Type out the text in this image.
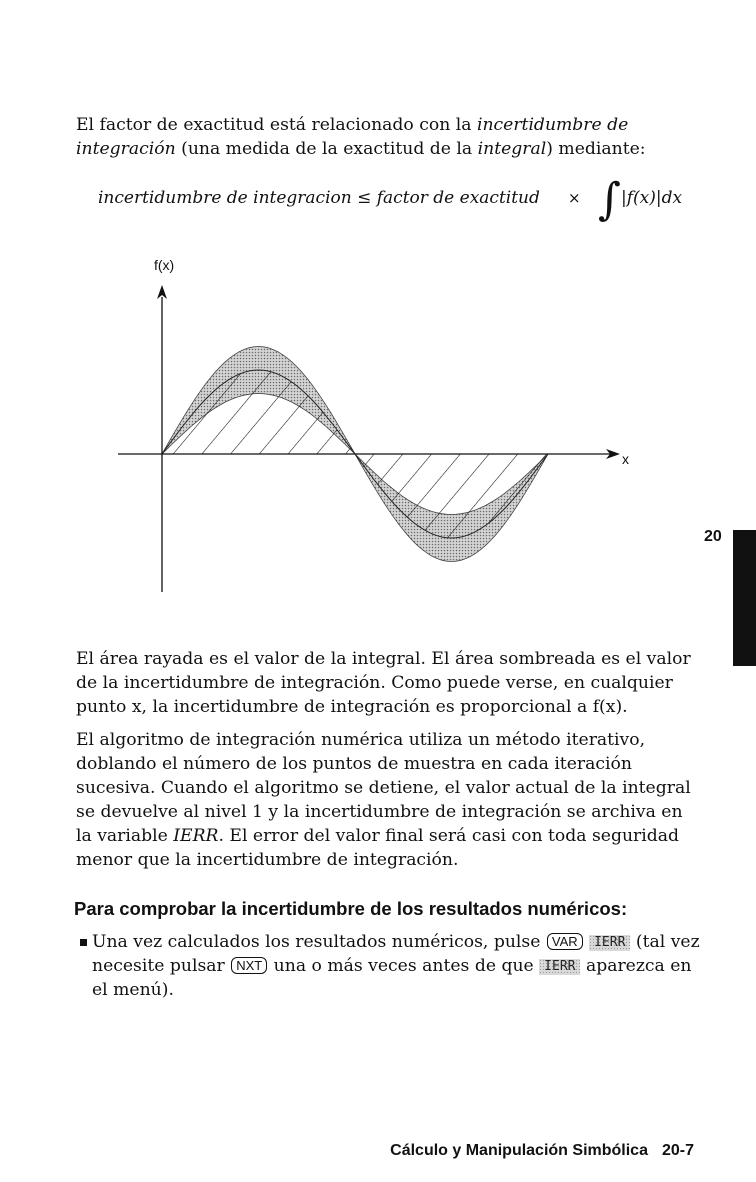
El factor de exactitud está relacionado con la incertidumbre de integración (una medida de la exactitud de la integral) mediante:

incertidumbre de integracion ≤ factor de exactitud × ∫ |f(x)|dx
f(x)
x

El área rayada es el valor de la integral. El área sombreada es el valor de la incertidumbre de integración. Como puede verse, en cualquier punto x, la incertidumbre de integración es proporcional a f(x).

El algoritmo de integración numérica utiliza un método iterativo, doblando el número de los puntos de muestra en cada iteración sucesiva. Cuando el algoritmo se detiene, el valor actual de la integral se devuelve al nivel 1 y la incertidumbre de integración se archiva en la variable IERR. El error del valor final será casi con toda seguridad menor que la incertidumbre de integración.

Para comprobar la incertidumbre de los resultados numéricos:
Una vez calculados los resultados numéricos, pulse VAR IERR (tal vez necesite pulsar NXT una o más veces antes de que IERR aparezca en el menú).
20
Cálculo y Manipulación Simbólica 20-7
